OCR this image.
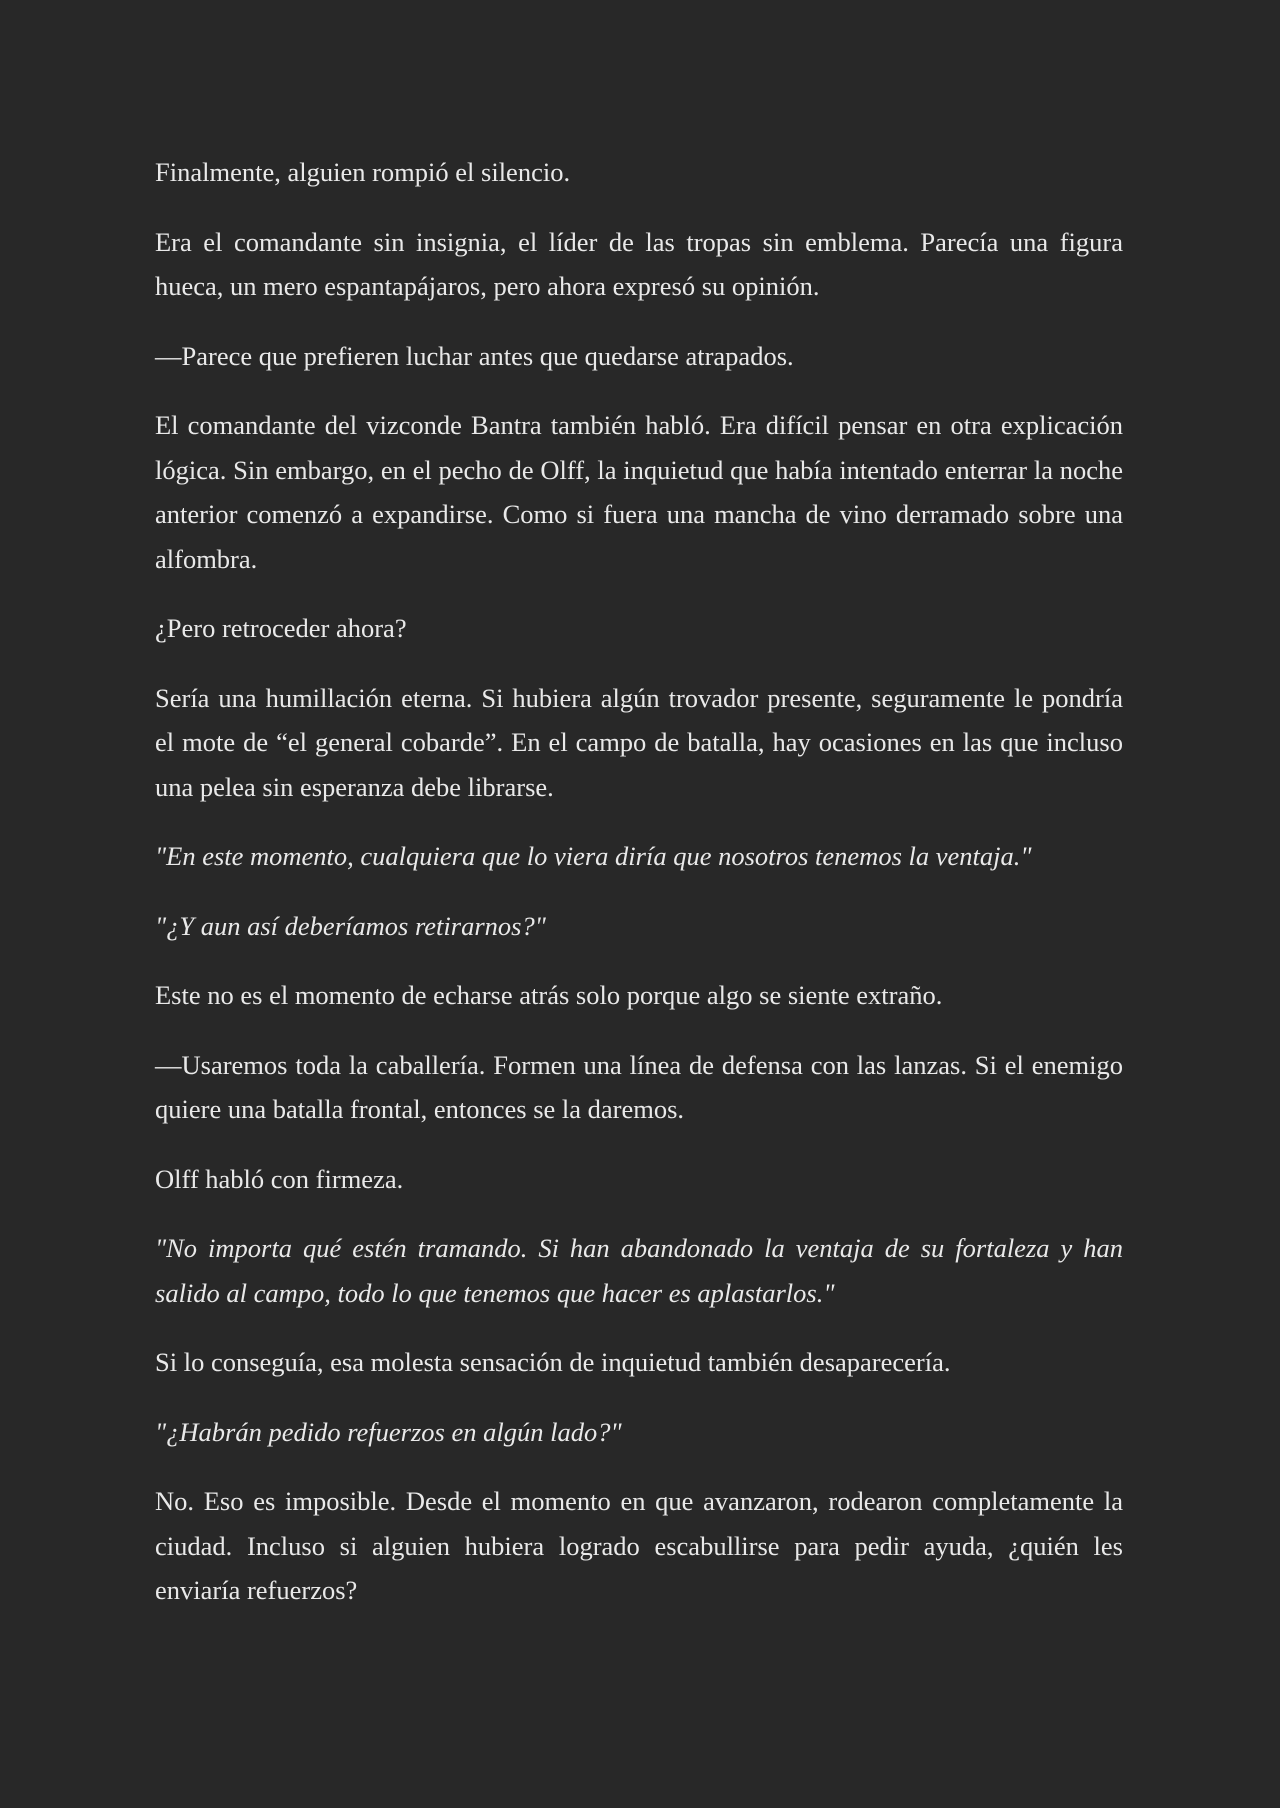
Finalmente, alguien rompió el silencio.

Era el comandante sin insignia, el líder de las tropas sin emblema. Parecía una figura hueca, un mero espantapájaros, pero ahora expresó su opinión.

—Parece que prefieren luchar antes que quedarse atrapados.

El comandante del vizconde Bantra también habló. Era difícil pensar en otra explicación lógica. Sin embargo, en el pecho de Olff, la inquietud que había intentado enterrar la noche anterior comenzó a expandirse. Como si fuera una mancha de vino derramado sobre una alfombra.

¿Pero retroceder ahora?

Sería una humillación eterna. Si hubiera algún trovador presente, seguramente le pondría el mote de “el general cobarde”. En el campo de batalla, hay ocasiones en las que incluso una pelea sin esperanza debe librarse.

"En este momento, cualquiera que lo viera diría que nosotros tenemos la ventaja."

"¿Y aun así deberíamos retirarnos?"

Este no es el momento de echarse atrás solo porque algo se siente extraño.

—Usaremos toda la caballería. Formen una línea de defensa con las lanzas. Si el enemigo quiere una batalla frontal, entonces se la daremos.

Olff habló con firmeza.

"No importa qué estén tramando. Si han abandonado la ventaja de su fortaleza y han salido al campo, todo lo que tenemos que hacer es aplastarlos."

Si lo conseguía, esa molesta sensación de inquietud también desaparecería.

"¿Habrán pedido refuerzos en algún lado?"

No. Eso es imposible. Desde el momento en que avanzaron, rodearon completamente la ciudad. Incluso si alguien hubiera logrado escabullirse para pedir ayuda, ¿quién les enviaría refuerzos?
